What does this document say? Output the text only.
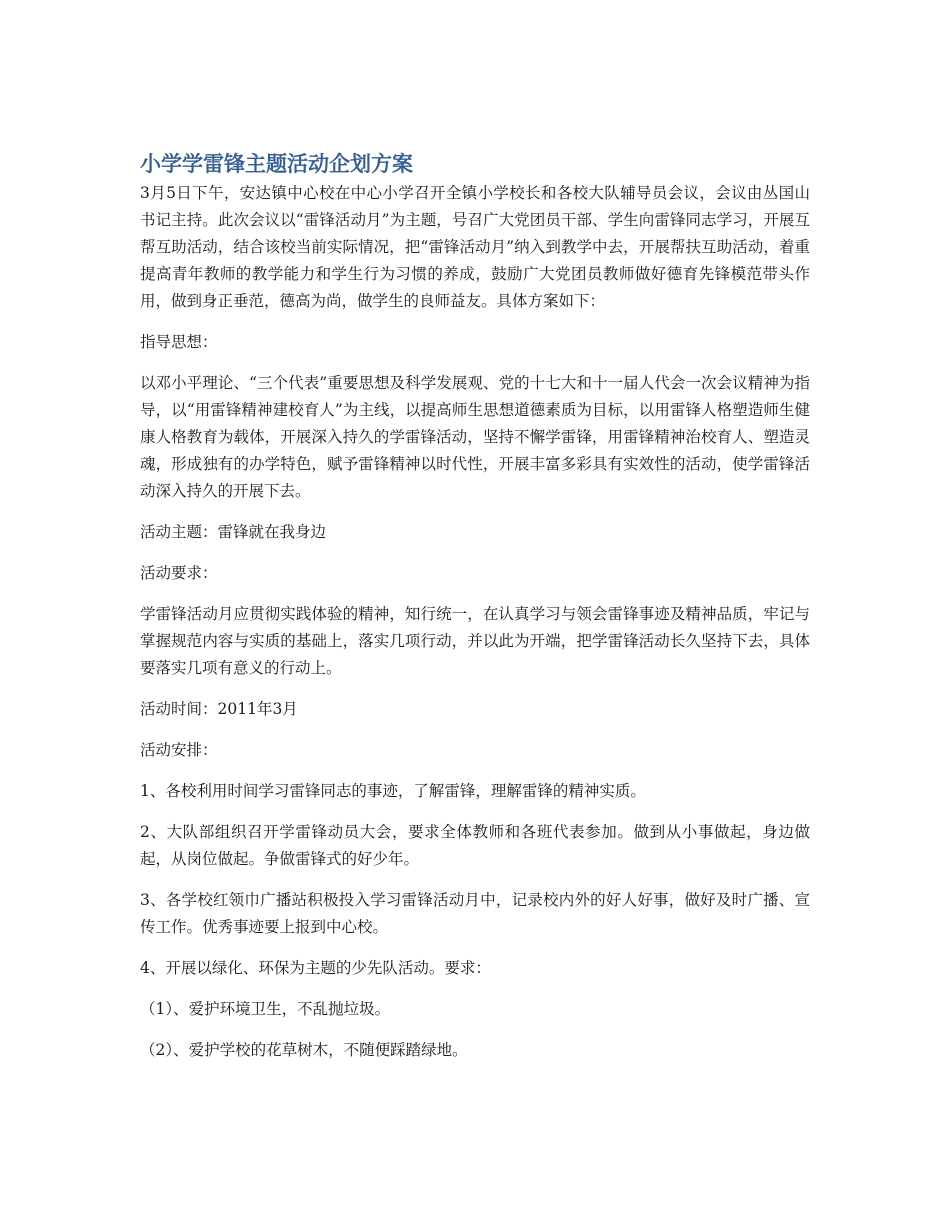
小学学雷锋主题活动企划方案

3月5日下午，安达镇中心校在中心小学召开全镇小学校长和各校大队辅导员会议，会议由丛国山书记主持。此次会议以“雷锋活动月”为主题，号召广大党团员干部、学生向雷锋同志学习，开展互帮互助活动，结合该校当前实际情况，把“雷锋活动月”纳入到教学中去，开展帮扶互助活动，着重提高青年教师的教学能力和学生行为习惯的养成，鼓励广大党团员教师做好德育先锋模范带头作用，做到身正垂范，德高为尚，做学生的良师益友。具体方案如下：

指导思想：

以邓小平理论、“三个代表”重要思想及科学发展观、党的十七大和十一届人代会一次会议精神为指导，以“用雷锋精神建校育人”为主线，以提高师生思想道德素质为目标，以用雷锋人格塑造师生健康人格教育为载体，开展深入持久的学雷锋活动，坚持不懈学雷锋，用雷锋精神治校育人、塑造灵魂，形成独有的办学特色，赋予雷锋精神以时代性，开展丰富多彩具有实效性的活动，使学雷锋活动深入持久的开展下去。

活动主题：雷锋就在我身边

活动要求：

学雷锋活动月应贯彻实践体验的精神，知行统一，在认真学习与领会雷锋事迹及精神品质，牢记与掌握规范内容与实质的基础上，落实几项行动，并以此为开端，把学雷锋活动长久坚持下去，具体要落实几项有意义的行动上。

活动时间：2011年3月

活动安排：

1、各校利用时间学习雷锋同志的事迹，了解雷锋，理解雷锋的精神实质。

2、大队部组织召开学雷锋动员大会，要求全体教师和各班代表参加。做到从小事做起，身边做起，从岗位做起。争做雷锋式的好少年。

3、各学校红领巾广播站积极投入学习雷锋活动月中，记录校内外的好人好事，做好及时广播、宣传工作。优秀事迹要上报到中心校。

4、开展以绿化、环保为主题的少先队活动。要求：

（1）、爱护环境卫生，不乱抛垃圾。

（2）、爱护学校的花草树木，不随便踩踏绿地。
